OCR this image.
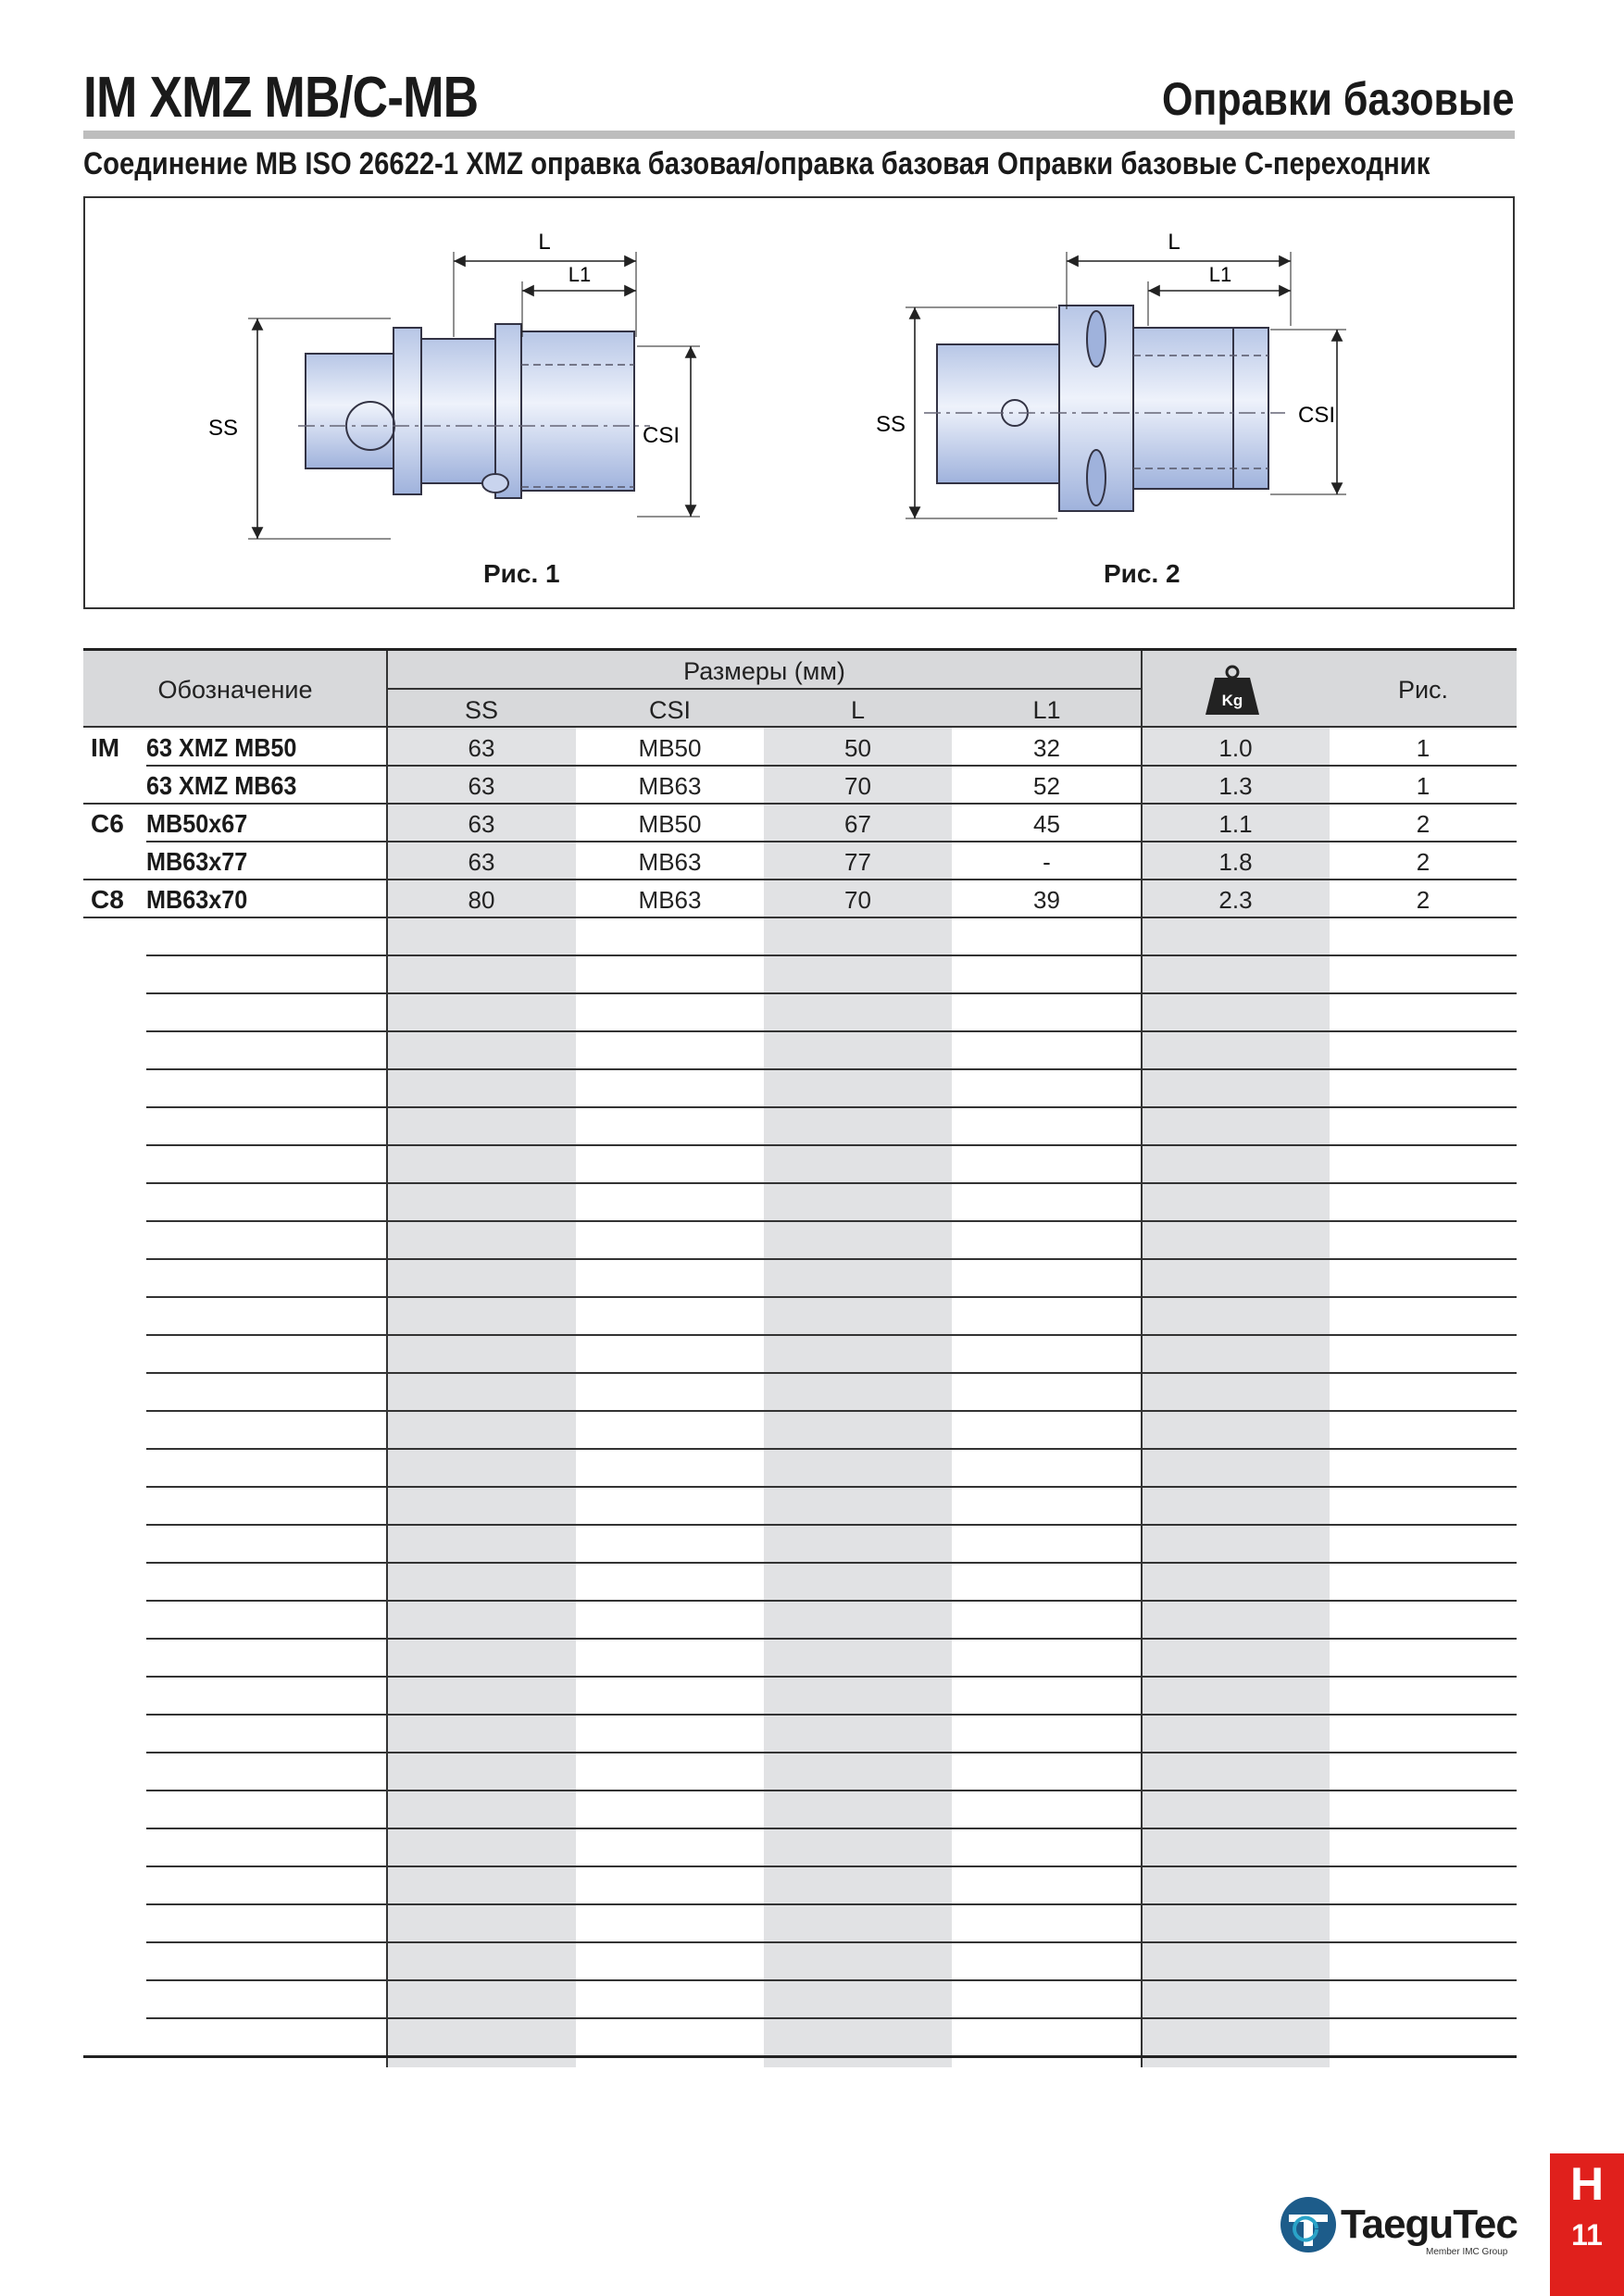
IM XMZ MB/C-MB	Оправки базовые
Соединение MB ISO 26622-1 XMZ оправка базовая/оправка базовая Оправки базовые С-переходник
L
L1
SS	CSI
L
L1
SS	CSI
Рис. 1	Рис. 2
Обозначение
Размеры (мм)
SS	CSI	L	L1
Рис.
Kg
IM 63 XMZ MB50	63	MB50	50	32	1.0	1
63 XMZ MB63	63	MB63	70	52	1.3	1
C6 MB50x67	63	MB50	67	45	1.1	2
MB63x77	63	MB63	77	-	1.8	2
C8 MB63x70	80	MB63	70	39	2.3	2
TaeguTec
Member IMC Group
H
11
